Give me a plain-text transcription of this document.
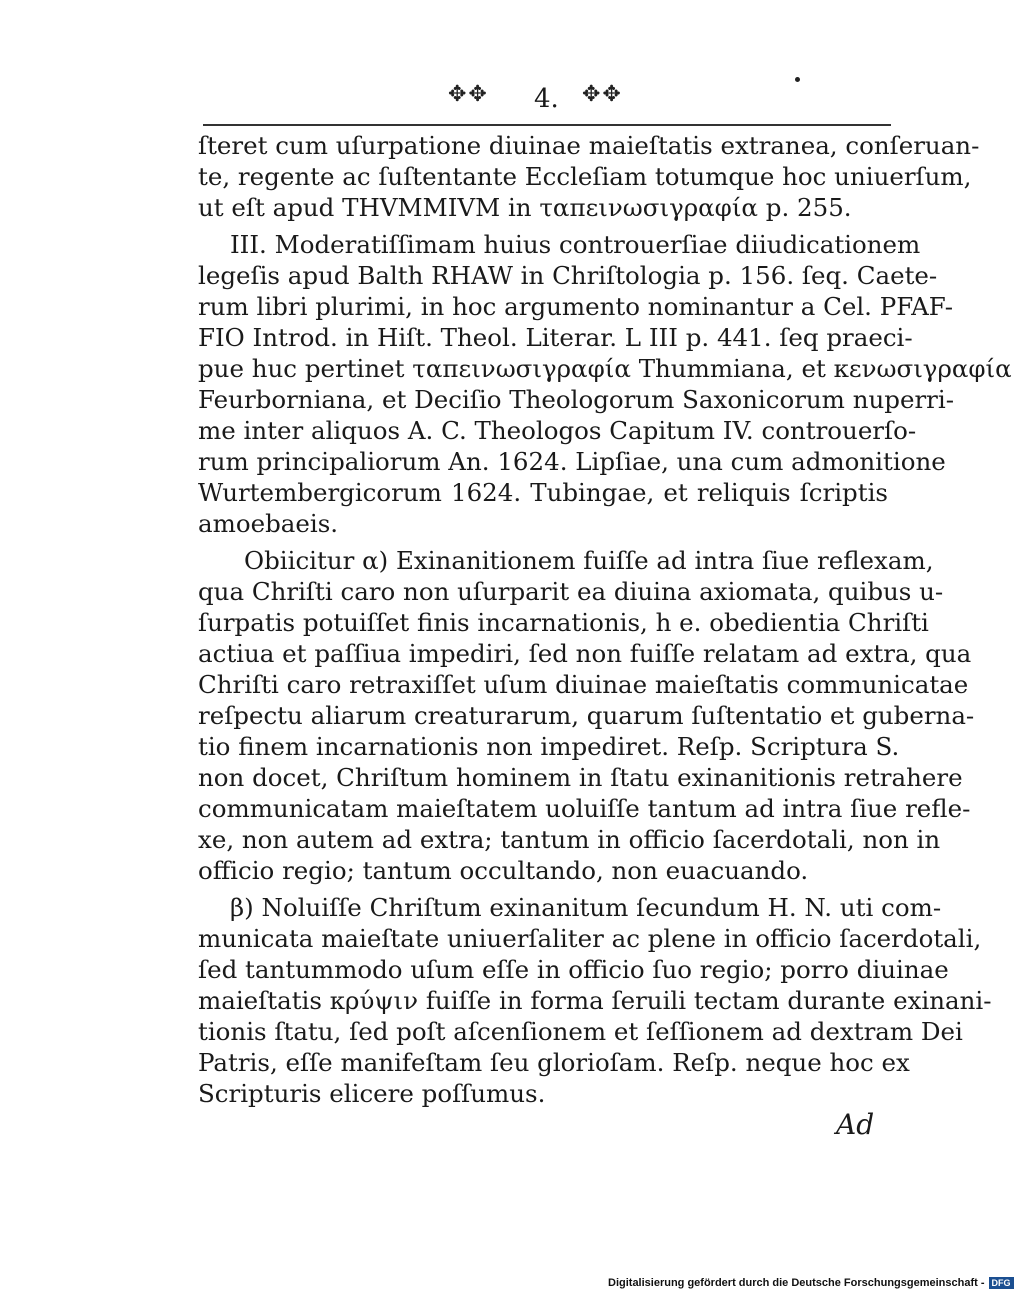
✥✥ 4. ✥✥
ſteret cum uſurpatione diuinae maieſtatis extranea, conſeruan-
te, regente ac ſuſtentante Eccleſiam totumque hoc uniuerſum,
ut eſt apud THVMMIVM in ταπεινωσιγραφία p. 255.
III. Moderatiſſimam huius controuerſiae diiudicationem
legeſis apud Balth RHAW in Chriſtologia p. 156. ſeq. Caete-
rum libri plurimi, in hoc argumento nominantur a Cel. PFAF-
FIO Introd. in Hiſt. Theol. Literar. L III p. 441. ſeq praeci-
pue huc pertinet ταπεινωσιγραφία Thummiana, et κενωσιγραφία
Feurborniana, et Deciſio Theologorum Saxonicorum nuperri-
me inter aliquos A. C. Theologos Capitum IV. controuerſo-
rum principaliorum An. 1624. Lipſiae, una cum admonitione
Wurtembergicorum 1624. Tubingae, et reliquis ſcriptis
amoebaeis.
Obiicitur α) Exinanitionem fuiſſe ad intra ſiue reflexam,
qua Chriſti caro non uſurparit ea diuina axiomata, quibus u-
ſurpatis potuiſſet finis incarnationis, h e. obedientia Chriſti
actiua et paſſiua impediri, ſed non fuiſſe relatam ad extra, qua
Chriſti caro retraxiſſet uſum diuinae maieſtatis communicatae
reſpectu aliarum creaturarum, quarum ſuſtentatio et guberna-
tio finem incarnationis non impediret. Reſp. Scriptura S.
non docet, Chriſtum hominem in ſtatu exinanitionis retrahere
communicatam maieſtatem uoluiſſe tantum ad intra ſiue refle-
xe, non autem ad extra; tantum in officio ſacerdotali, non in
officio regio; tantum occultando, non euacuando.
β) Noluiſſe Chriſtum exinanitum ſecundum H. N. uti com-
municata maieſtate uniuerſaliter ac plene in officio ſacerdotali,
ſed tantummodo uſum eſſe in officio ſuo regio; porro diuinae
maieſtatis κρύψιν fuiſſe in forma ſeruili tectam durante exinani-
tionis ſtatu, ſed poſt aſcenſionem et ſeſſionem ad dextram Dei
Patris, eſſe manifeſtam ſeu glorioſam. Reſp. neque hoc ex
Scripturis elicere poſſumus.
Ad
Digitalisierung gefördert durch die Deutsche Forschungsgemeinschaft - DFG
